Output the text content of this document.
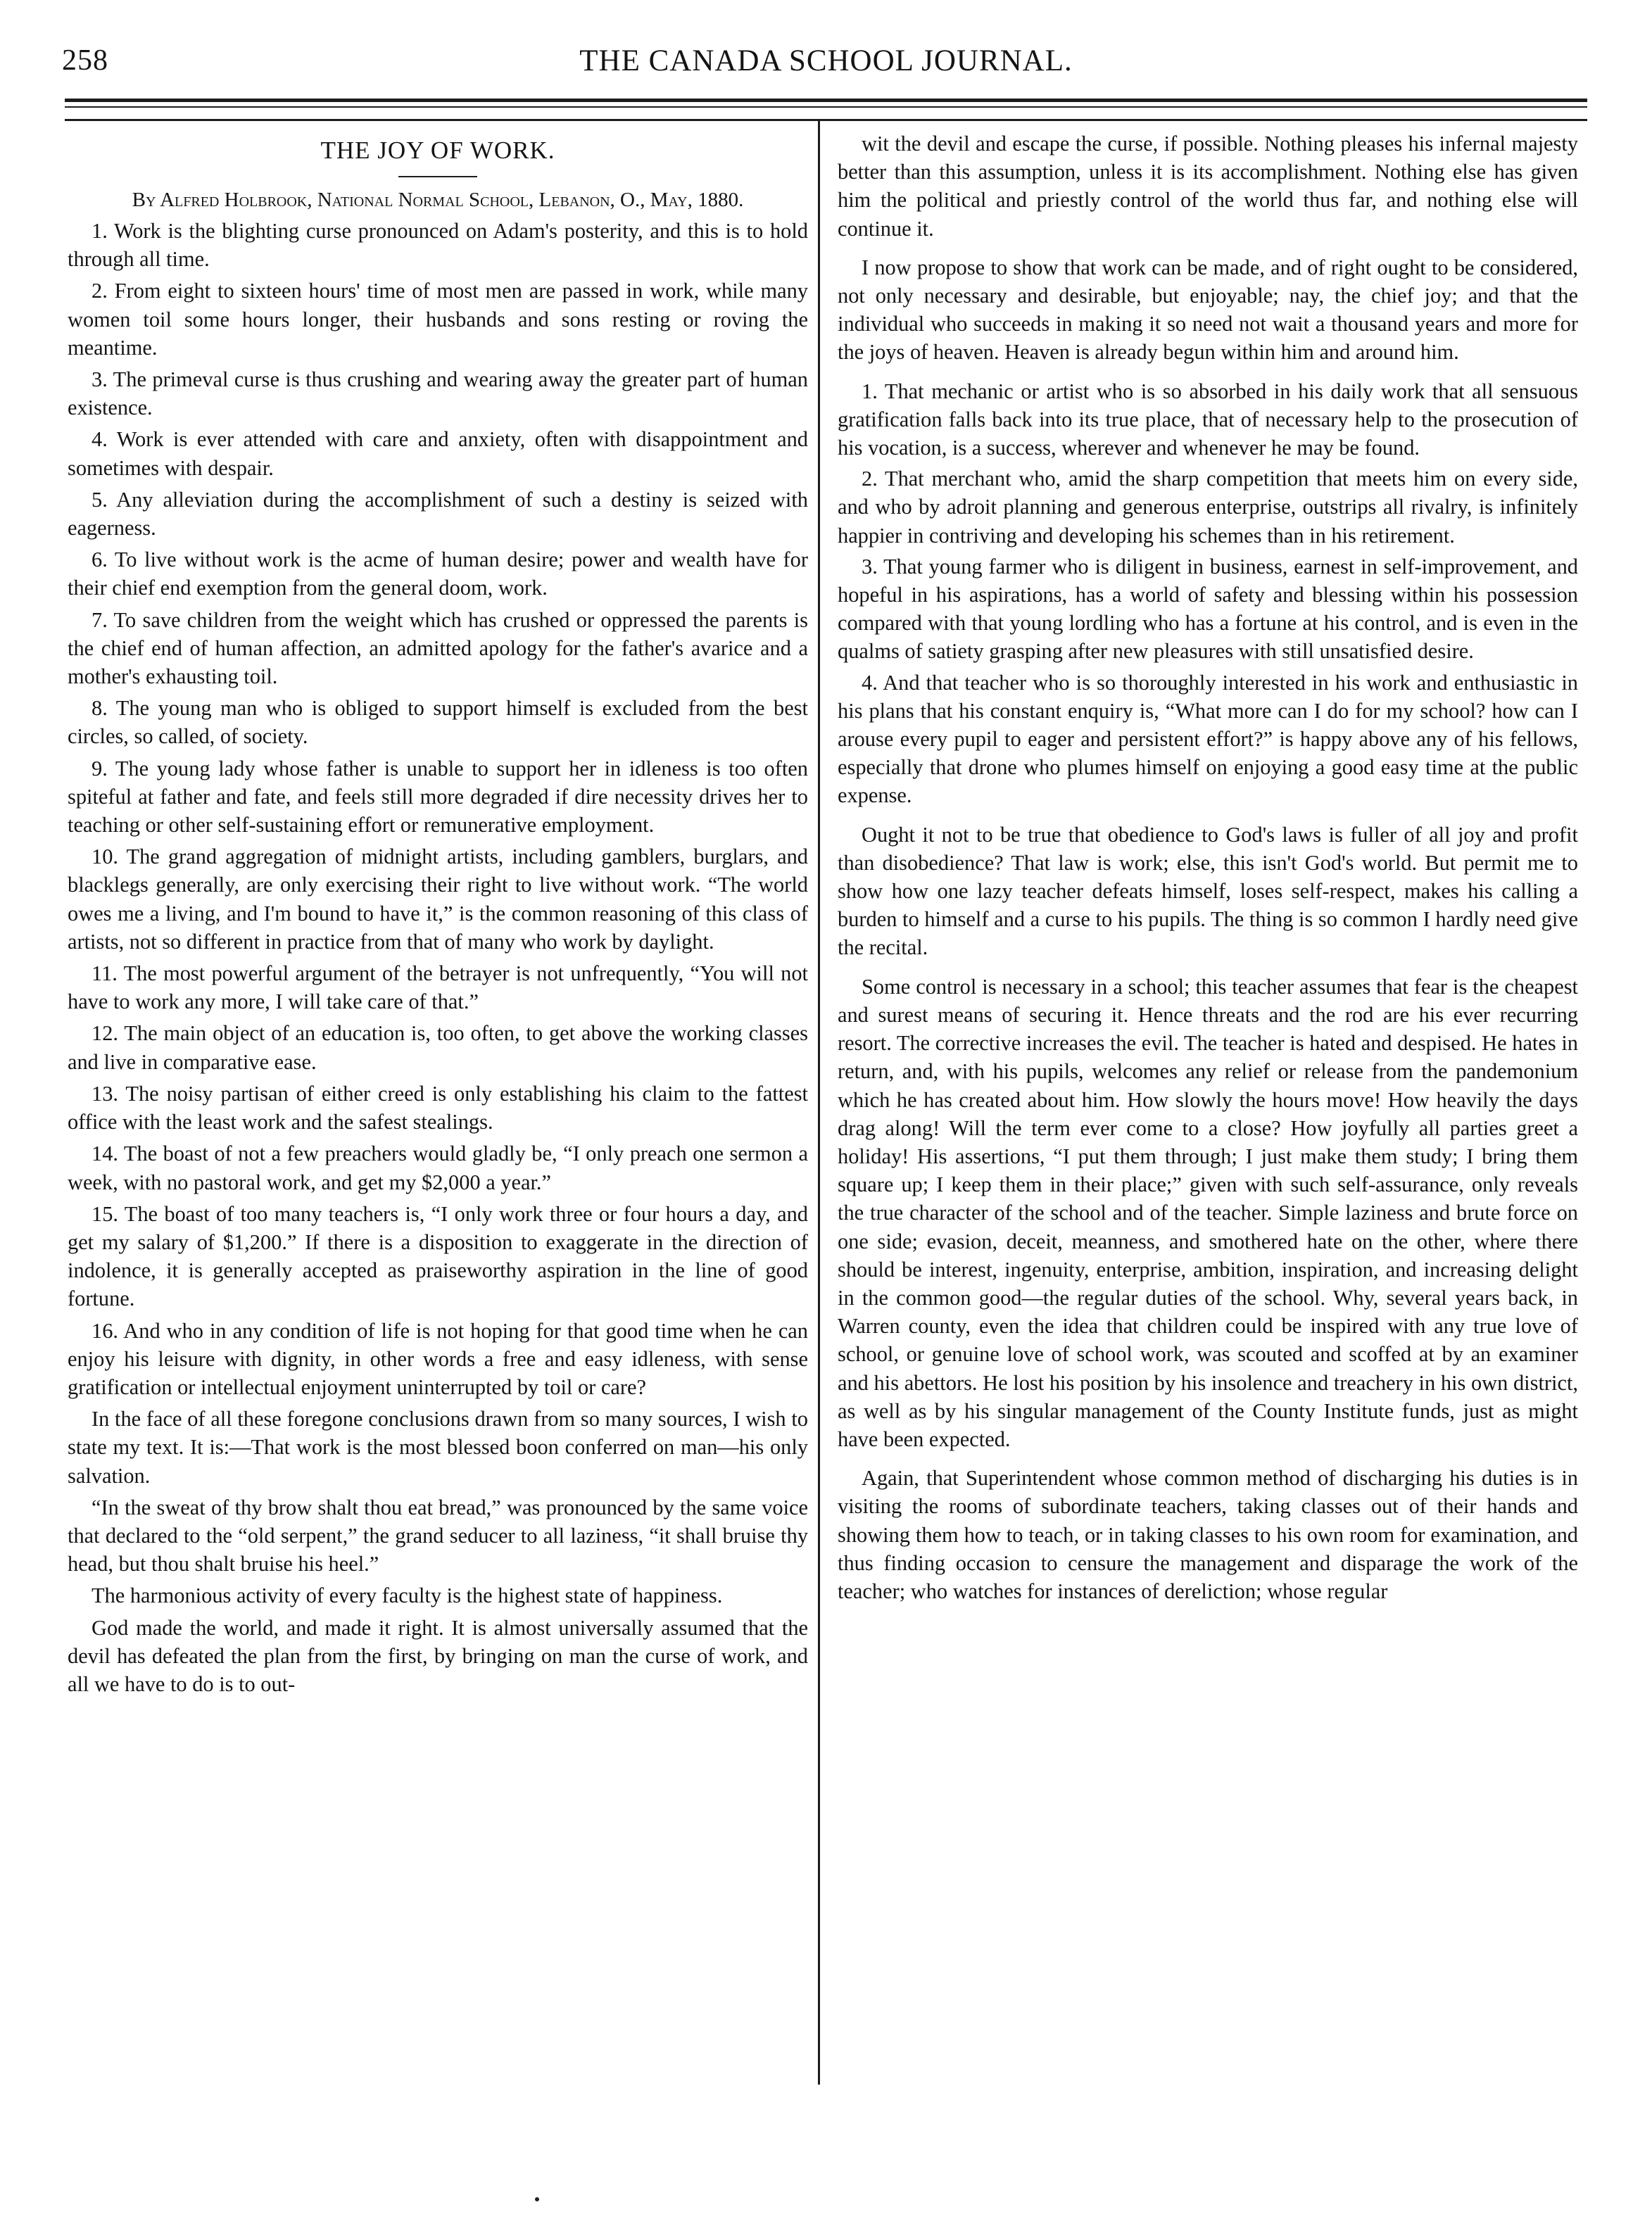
258	THE CANADA SCHOOL JOURNAL.
THE JOY OF WORK.
By Alfred Holbrook, National Normal School, Lebanon, O., May, 1880.

1. Work is the blighting curse pronounced on Adam's posterity, and this is to hold through all time.

2. From eight to sixteen hours' time of most men are passed in work, while many women toil some hours longer, their husbands and sons resting or roving the meantime.

3. The primeval curse is thus crushing and wearing away the greater part of human existence.

4. Work is ever attended with care and anxiety, often with disappointment and sometimes with despair.

5. Any alleviation during the accomplishment of such a destiny is seized with eagerness.

6. To live without work is the acme of human desire; power and wealth have for their chief end exemption from the general doom, work.

7. To save children from the weight which has crushed or oppressed the parents is the chief end of human affection, an admitted apology for the father's avarice and a mother's exhausting toil.

8. The young man who is obliged to support himself is excluded from the best circles, so called, of society.

9. The young lady whose father is unable to support her in idleness is too often spiteful at father and fate, and feels still more degraded if dire necessity drives her to teaching or other self-sustaining effort or remunerative employment.

10. The grand aggregation of midnight artists, including gamblers, burglars, and blacklegs generally, are only exercising their right to live without work. “The world owes me a living, and I'm bound to have it,” is the common reasoning of this class of artists, not so different in practice from that of many who work by daylight.

11. The most powerful argument of the betrayer is not unfrequently, “You will not have to work any more, I will take care of that.”

12. The main object of an education is, too often, to get above the working classes and live in comparative ease.

13. The noisy partisan of either creed is only establishing his claim to the fattest office with the least work and the safest stealings.

14. The boast of not a few preachers would gladly be, “I only preach one sermon a week, with no pastoral work, and get my $2,000 a year.”

15. The boast of too many teachers is, “I only work three or four hours a day, and get my salary of $1,200.” If there is a disposition to exaggerate in the direction of indolence, it is generally accepted as praiseworthy aspiration in the line of good fortune.

16. And who in any condition of life is not hoping for that good time when he can enjoy his leisure with dignity, in other words a free and easy idleness, with sense gratification or intellectual enjoyment uninterrupted by toil or care?

In the face of all these foregone conclusions drawn from so many sources, I wish to state my text. It is:—That work is the most blessed boon conferred on man—his only salvation.

“In the sweat of thy brow shalt thou eat bread,” was pronounced by the same voice that declared to the “old serpent,” the grand seducer to all laziness, “it shall bruise thy head, but thou shalt bruise his heel.”

The harmonious activity of every faculty is the highest state of happiness.

God made the world, and made it right. It is almost universally assumed that the devil has defeated the plan from the first, by bringing on man the curse of work, and all we have to do is to out-

wit the devil and escape the curse, if possible. Nothing pleases his infernal majesty better than this assumption, unless it is its accomplishment. Nothing else has given him the political and priestly control of the world thus far, and nothing else will continue it.

I now propose to show that work can be made, and of right ought to be considered, not only necessary and desirable, but enjoyable; nay, the chief joy; and that the individual who succeeds in making it so need not wait a thousand years and more for the joys of heaven. Heaven is already begun within him and around him.

1. That mechanic or artist who is so absorbed in his daily work that all sensuous gratification falls back into its true place, that of necessary help to the prosecution of his vocation, is a success, wherever and whenever he may be found.

2. That merchant who, amid the sharp competition that meets him on every side, and who by adroit planning and generous enterprise, outstrips all rivalry, is infinitely happier in contriving and developing his schemes than in his retirement.

3. That young farmer who is diligent in business, earnest in self-improvement, and hopeful in his aspirations, has a world of safety and blessing within his possession compared with that young lordling who has a fortune at his control, and is even in the qualms of satiety grasping after new pleasures with still unsatisfied desire.

4. And that teacher who is so thoroughly interested in his work and enthusiastic in his plans that his constant enquiry is, “What more can I do for my school? how can I arouse every pupil to eager and persistent effort?” is happy above any of his fellows, especially that drone who plumes himself on enjoying a good easy time at the public expense.

Ought it not to be true that obedience to God's laws is fuller of all joy and profit than disobedience? That law is work; else, this isn't God's world. But permit me to show how one lazy teacher defeats himself, loses self-respect, makes his calling a burden to himself and a curse to his pupils. The thing is so common I hardly need give the recital.

Some control is necessary in a school; this teacher assumes that fear is the cheapest and surest means of securing it. Hence threats and the rod are his ever recurring resort. The corrective increases the evil. The teacher is hated and despised. He hates in return, and, with his pupils, welcomes any relief or release from the pandemonium which he has created about him. How slowly the hours move! How heavily the days drag along! Will the term ever come to a close? How joyfully all parties greet a holiday! His assertions, “I put them through; I just make them study; I bring them square up; I keep them in their place;” given with such self-assurance, only reveals the true character of the school and of the teacher. Simple laziness and brute force on one side; evasion, deceit, meanness, and smothered hate on the other, where there should be interest, ingenuity, enterprise, ambition, inspiration, and increasing delight in the common good—the regular duties of the school. Why, several years back, in Warren county, even the idea that children could be inspired with any true love of school, or genuine love of school work, was scouted and scoffed at by an examiner and his abettors. He lost his position by his insolence and treachery in his own district, as well as by his singular management of the County Institute funds, just as might have been expected.

Again, that Superintendent whose common method of discharging his duties is in visiting the rooms of subordinate teachers, taking classes out of their hands and showing them how to teach, or in taking classes to his own room for examination, and thus finding occasion to censure the management and disparage the work of the teacher; who watches for instances of dereliction; whose regular
